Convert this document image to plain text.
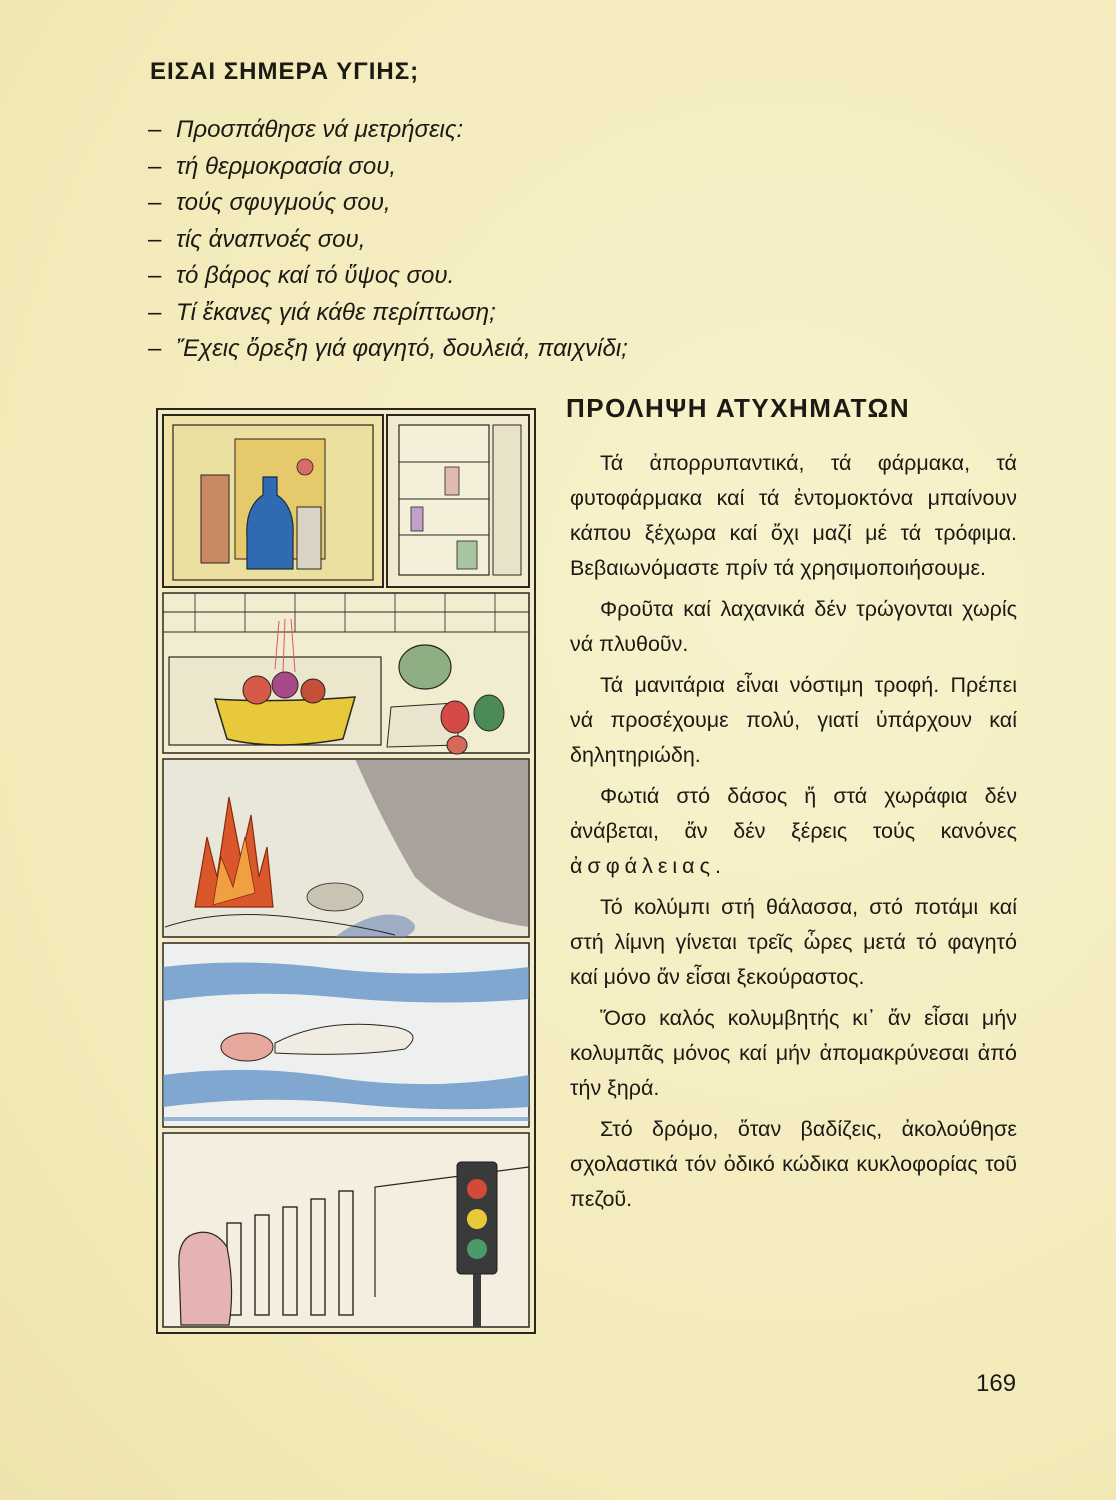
ΕΙΣΑΙ ΣΗΜΕΡΑ ΥΓΙΗΣ;
– Προσπάθησε νά μετρήσεις:
– τή θερμοκρασία σου,
– τούς σφυγμούς σου,
– τίς ἀναπνοές σου,
– τό βάρος καί τό ὕψος σου.
– Τί ἔκανες γιά κάθε περίπτωση;
– Ἔχεις ὄρεξη γιά φαγητό, δουλειά, παιχνίδι;
ΠΡΟΛΗΨΗ ΑΤΥΧΗΜΑΤΩΝ

Τά ἀπορρυπαντικά, τά φάρμακα, τά φυτοφάρμακα καί τά ἐντομοκτόνα μπαίνουν κάπου ξέχωρα καί ὄχι μαζί μέ τά τρόφιμα. Βεβαιωνόμαστε πρίν τά χρησιμοποιήσουμε.

Φροῦτα καί λαχανικά δέν τρώγονται χωρίς νά πλυθοῦν.

Τά μανιτάρια εἶναι νόστιμη τροφή. Πρέπει νά προσέχουμε πολύ, γιατί ὑπάρχουν καί δηλητηριώδη.

Φωτιά στό δάσος ἤ στά χωράφια δέν ἀνάβεται, ἄν δέν ξέρεις τούς κανόνες ἀσφάλειας.

Τό κολύμπι στή θάλασσα, στό ποτάμι καί στή λίμνη γίνεται τρεῖς ὧρες μετά τό φαγητό καί μόνο ἄν εἶσαι ξεκούραστος.

Ὅσο καλός κολυμβητής κι᾽ ἄν εἶσαι μήν κολυμπᾶς μόνος καί μήν ἀπομακρύνεσαι ἀπό τήν ξηρά.

Στό δρόμο, ὅταν βαδίζεις, ἀκολούθησε σχολαστικά τόν ὀδικό κώδικα κυκλοφορίας τοῦ πεζοῦ.

169
